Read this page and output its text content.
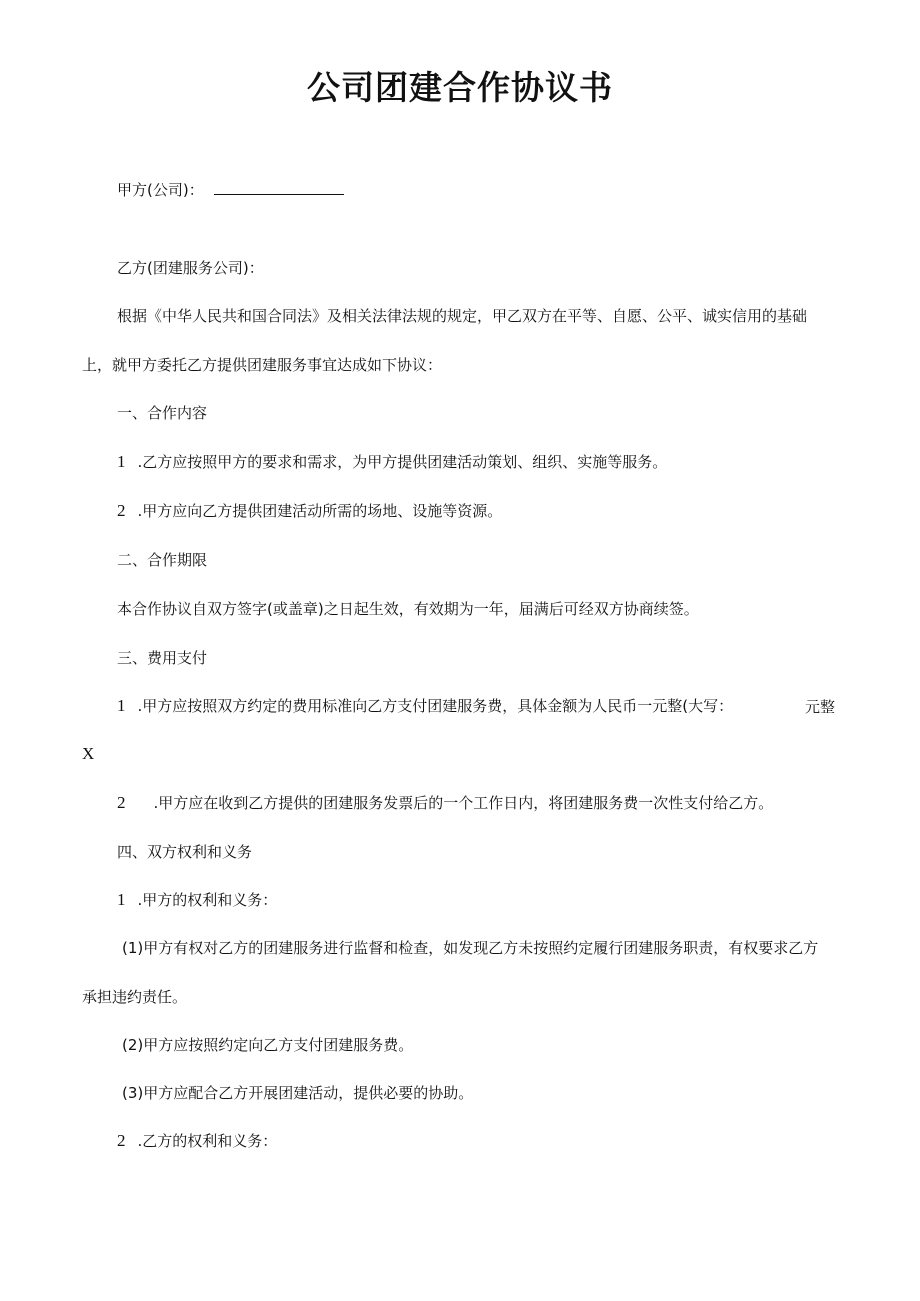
公司团建合作协议书

甲方(公司)：

乙方(团建服务公司)：

根据《中华人民共和国合同法》及相关法律法规的规定，甲乙双方在平等、自愿、公平、诚实信用的基础

上，就甲方委托乙方提供团建服务事宜达成如下协议：

一、合作内容

1 .乙方应按照甲方的要求和需求，为甲方提供团建活动策划、组织、实施等服务。

2 .甲方应向乙方提供团建活动所需的场地、设施等资源。

二、合作期限

本合作协议自双方签字(或盖章)之日起生效，有效期为一年，届满后可经双方协商续签。

三、费用支付

1 .甲方应按照双方约定的费用标准向乙方支付团建服务费，具体金额为人民币一元整(大写：	元整

X

2 .甲方应在收到乙方提供的团建服务发票后的一个工作日内，将团建服务费一次性支付给乙方。

四、双方权利和义务

1 .甲方的权利和义务：

(1)甲方有权对乙方的团建服务进行监督和检查，如发现乙方未按照约定履行团建服务职责，有权要求乙方

承担违约责任。

(2)甲方应按照约定向乙方支付团建服务费。

(3)甲方应配合乙方开展团建活动，提供必要的协助。

2 .乙方的权利和义务：
